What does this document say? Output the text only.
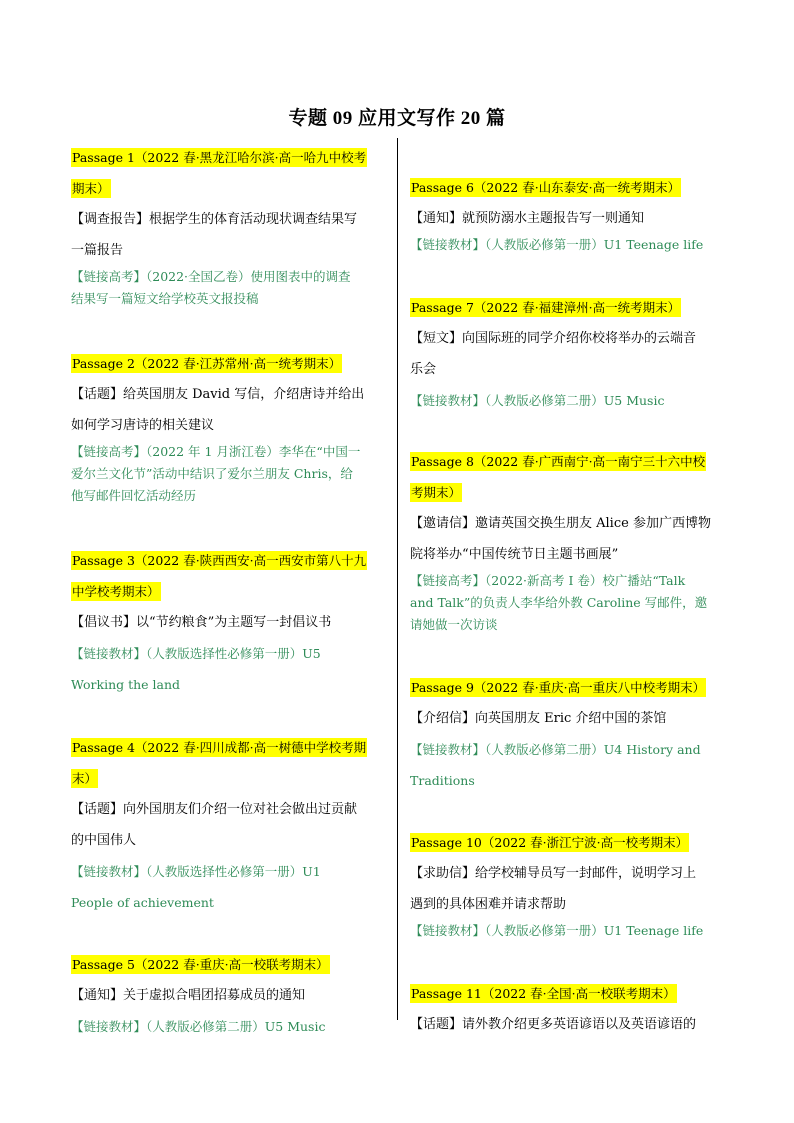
专题 09 应用文写作 20 篇
Passage 1（2022 春·黑龙江哈尔滨·高一哈九中校考
期末）
【调查报告】根据学生的体育活动现状调查结果写
一篇报告
【链接高考】（2022·全国乙卷）使用图表中的调查
结果写一篇短文给学校英文报投稿
Passage 2（2022 春·江苏常州·高一统考期末）
【话题】给英国朋友 David 写信，介绍唐诗并给出
如何学习唐诗的相关建议
【链接高考】（2022 年 1 月浙江卷）李华在“中国一
爱尔兰文化节”活动中结识了爱尔兰朋友 Chris，给
他写邮件回忆活动经历
Passage 3（2022 春·陕西西安·高一西安市第八十九
中学校考期末）
【倡议书】以“节约粮食”为主题写一封倡议书
【链接教材】（人教版选择性必修第一册）U5
Working the land
Passage 4（2022 春·四川成都·高一树德中学校考期
末）
【话题】向外国朋友们介绍一位对社会做出过贡献
的中国伟人
【链接教材】（人教版选择性必修第一册）U1
People of achievement
Passage 5（2022 春·重庆·高一校联考期末）
【通知】关于虚拟合唱团招募成员的通知
【链接教材】（人教版必修第二册）U5 Music
Passage 6（2022 春·山东泰安·高一统考期末）
【通知】就预防溺水主题报告写一则通知
【链接教材】（人教版必修第一册）U1 Teenage life
Passage 7（2022 春·福建漳州·高一统考期末）
【短文】向国际班的同学介绍你校将举办的云端音
乐会
【链接教材】（人教版必修第二册）U5 Music
Passage 8（2022 春·广西南宁·高一南宁三十六中校
考期末）
【邀请信】邀请英国交换生朋友 Alice 参加广西博物
院将举办“中国传统节日主题书画展”
【链接高考】（2022·新高考 I 卷）校广播站“Talk
and Talk”的负责人李华给外教 Caroline 写邮件，邀
请她做一次访谈
Passage 9（2022 春·重庆·高一重庆八中校考期末）
【介绍信】向英国朋友 Eric 介绍中国的茶馆
【链接教材】（人教版必修第二册）U4 History and
Traditions
Passage 10（2022 春·浙江宁波·高一校考期末）
【求助信】给学校辅导员写一封邮件，说明学习上
遇到的具体困难并请求帮助
【链接教材】（人教版必修第一册）U1 Teenage life
Passage 11（2022 春·全国·高一校联考期末）
【话题】请外教介绍更多英语谚语以及英语谚语的
